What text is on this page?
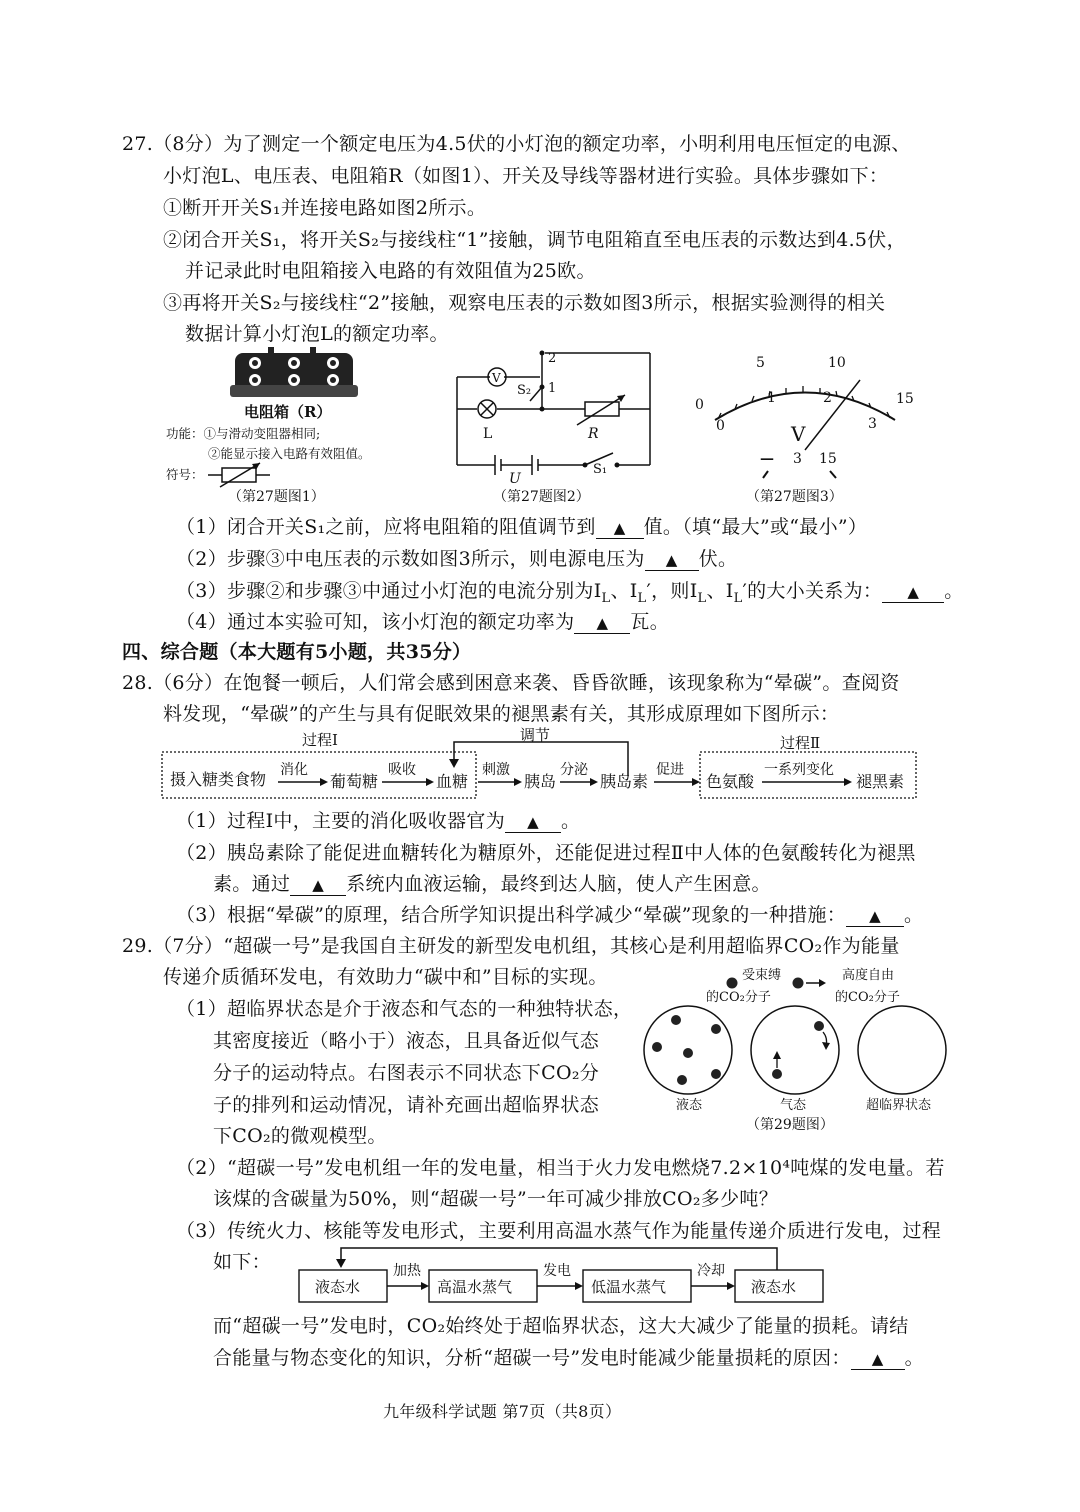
27.（8分）为了测定一个额定电压为4.5伏的小灯泡的额定功率，小明利用电压恒定的电源、
小灯泡L、电压表、电阻箱R（如图1）、开关及导线等器材进行实验。具体步骤如下：
①断开开关S₁并连接电路如图2所示。
②闭合开关S₁，将开关S₂与接线柱“1”接触，调节电阻箱直至电压表的示数达到4.5伏，
并记录此时电阻箱接入电路的有效阻值为25欧。
③再将开关S₂与接线柱“2”接触，观察电压表的示数如图3所示，根据实验测得的相关
数据计算小灯泡L的额定功率。
电阻箱（R）
功能：①与滑动变阻器相同;
②能显示接入电路有效阻值。
符号：
（第27题图1）
V
2
1
S₂
L	R
U
S₁
（第27题图2）
0
5	10
15
0
1	2
3
V
— 3 15
（第27题图3）
（1）闭合开关S₁之前，应将电阻箱的阻值调节到 ▲ 值。（填“最大”或“最小”）
（2）步骤③中电压表的示数如图3所示，则电源电压为 ▲ 伏。
（3）步骤②和步骤③中通过小灯泡的电流分别为$I_L$、$I_L'$，则$I_L$、$I_L'$的大小关系为： ▲ 。
（4）通过本实验可知，该小灯泡的额定功率为 ▲ 瓦。
四、综合题（本大题有5小题，共35分）
28.（6分）在饱餐一顿后，人们常会感到困意来袭、昏昏欲睡，该现象称为“晕碳”。查阅资
料发现，“晕碳”的产生与具有促眠效果的褪黑素有关，其形成原理如下图所示：
过程Ⅰ	调节	过程Ⅱ
摄入糖类食物 消化
葡萄糖
吸收
血糖
刺激
胰岛
分泌
胰岛素
促进
色氨酸
一系列变化
褪黑素
（1）过程Ⅰ中，主要的消化吸收器官为 ▲ 。
（2）胰岛素除了能促进血糖转化为糖原外，还能促进过程Ⅱ中人体的色氨酸转化为褪黑
素。通过 ▲ 系统内血液运输，最终到达人脑，使人产生困意。
（3）根据“晕碳”的原理，结合所学知识提出科学减少“晕碳”现象的一种措施： ▲ 。
29.（7分）“超碳一号”是我国自主研发的新型发电机组，其核心是利用超临界CO₂作为能量
传递介质循环发电，有效助力“碳中和”目标的实现。
（1）超临界状态是介于液态和气态的一种独特状态，
其密度接近（略小于）液态，且具备近似气态
分子的运动特点。右图表示不同状态下CO₂分
子的排列和运动情况，请补充画出超临界状态
下CO₂的微观模型。
受束缚
的CO₂分子
高度自由
的CO₂分子
液态	气态	超临界状态
（第29题图）
（2）“超碳一号”发电机组一年的发电量，相当于火力发电燃烧7.2×10⁴吨煤的发电量。若
该煤的含碳量为50%，则“超碳一号”一年可减少排放CO₂多少吨？
（3）传统火力、核能等发电形式，主要利用高温水蒸气作为能量传递介质进行发电，过程
如下：
液态水
加热
高温水蒸气
发电
低温水蒸气
冷却
液态水
而“超碳一号”发电时，CO₂始终处于超临界状态，这大大减少了能量的损耗。请结
合能量与物态变化的知识，分析“超碳一号”发电时能减少能量损耗的原因： ▲ 。
九年级科学试题 第7页（共8页）
